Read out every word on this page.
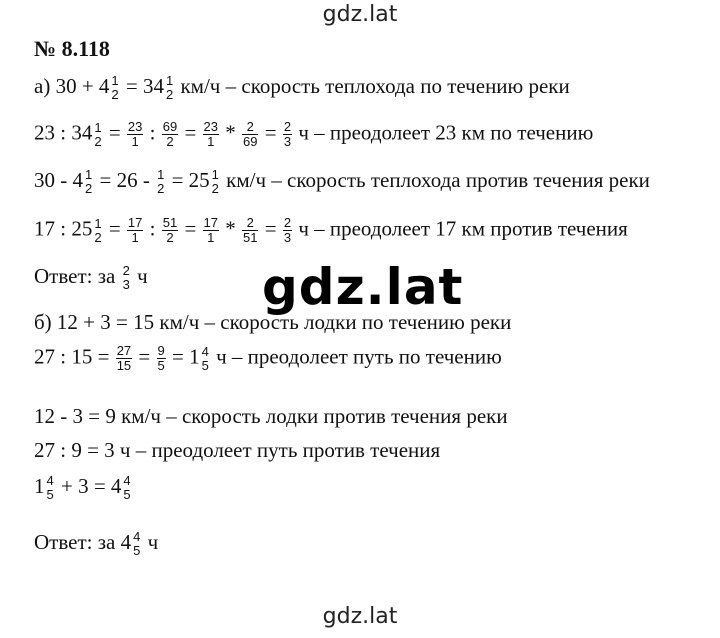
gdz.lat
№ 8.118
а) 30 + 4 1
2 = 34 1
2 км/ч – скорость теплохода по течению реки
23 : 34 1
$2 = \frac{23}{1}$ : $\frac{69}{2} = \frac{23}{1} * \frac{2}{69} = \frac{2}{3}$ ч – преодолеет 23 км по течению
30 - 4 1
2 = 26 - 1
2 = 25 1
2 км/ч – скорость теплохода против течения реки
17 : 25 1
$2 = \frac{17}{1}$ : $\frac{51}{2} = \frac{17}{1} * \frac{2}{51} = \frac{2}{3}$ ч – преодолеет 17 км против течения
Ответ: за 2
3 ч gdz.lat
б) 12 + 3 = 15 км/ч – скорость лодки по течению реки
27 : $15 = \frac{27}{15} = \frac{9}{5} = 1$ 4
5 ч – преодолеет путь по течению
12 - 3 = 9 км/ч – скорость лодки против течения реки
27 : 9 = 3 ч – преодолеет путь против течения
1 4
5 + 3 = 4 4
5
Ответ: за 4 4
5 ч
gdz.lat
